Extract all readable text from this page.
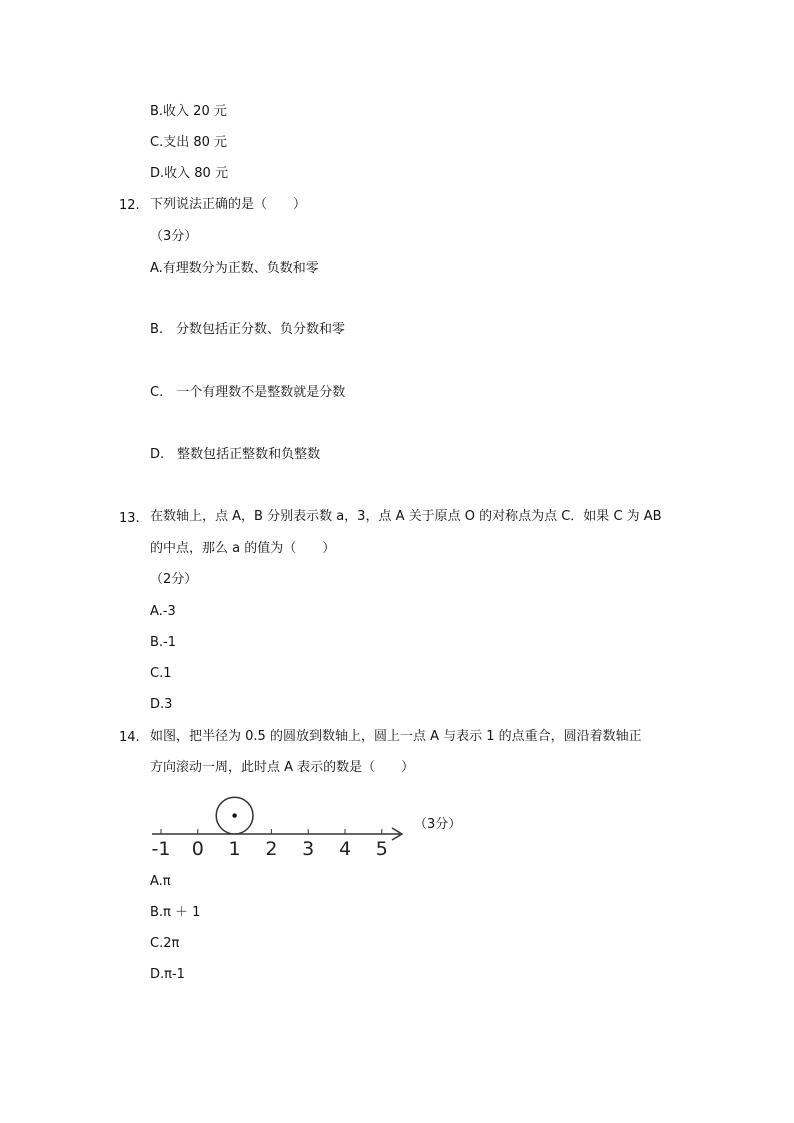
B.收入 20 元
C.支出 80 元
D.收入 80 元
12. 下列说法正确的是（　　）
（3分）
A.有理数分为正数、负数和零
B.　分数包括正分数、负分数和零
C.　一个有理数不是整数就是分数
D.　整数包括正整数和负整数
13. 在数轴上，点 A，B 分别表示数 a，3，点 A 关于原点 O 的对称点为点 C．如果 C 为 AB
的中点，那么 a 的值为（　　）
（2分）
A.-3
B.-1
C.1
D.3
14. 如图，把半径为 0.5 的圆放到数轴上，圆上一点 A 与表示 1 的点重合，圆沿着数轴正
方向滚动一周，此时点 A 表示的数是（　　）
-1 0 1 2 3 4 5
（3分）
A.π
B.π ＋ 1
C.2π
D.π-1
